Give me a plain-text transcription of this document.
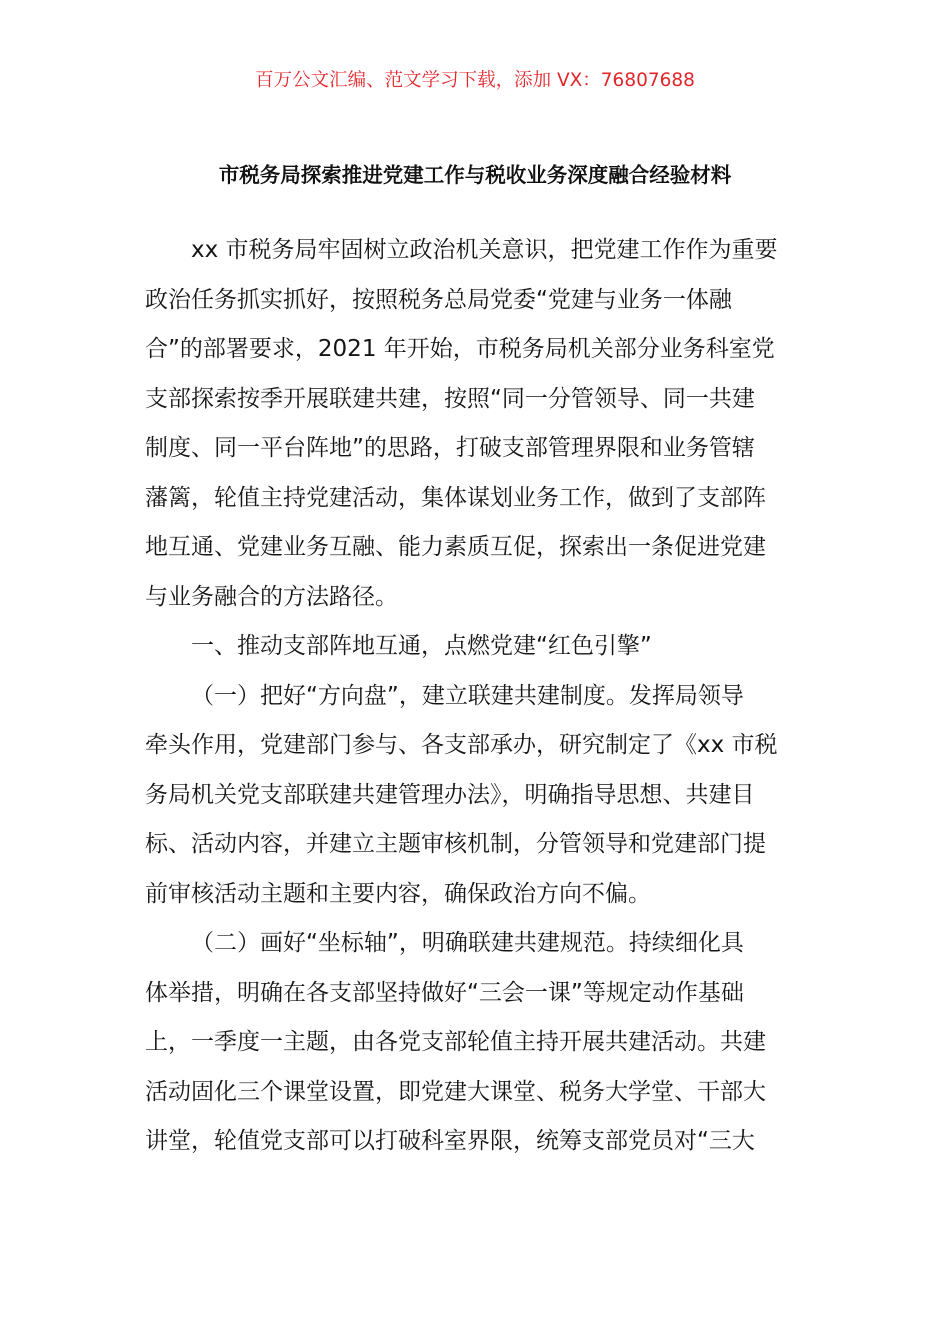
百万公文汇编、范文学习下载，添加 VX：76807688
市税务局探索推进党建工作与税收业务深度融合经验材料
xx 市税务局牢固树立政治机关意识，把党建工作作为重要
政治任务抓实抓好，按照税务总局党委“党建与业务一体融
合”的部署要求，2021 年开始，市税务局机关部分业务科室党
支部探索按季开展联建共建，按照“同一分管领导、同一共建
制度、同一平台阵地”的思路，打破支部管理界限和业务管辖
藩篱，轮值主持党建活动，集体谋划业务工作，做到了支部阵
地互通、党建业务互融、能力素质互促，探索出一条促进党建
与业务融合的方法路径。
一、推动支部阵地互通，点燃党建“红色引擎”
（一）把好“方向盘”，建立联建共建制度。发挥局领导
牵头作用，党建部门参与、各支部承办，研究制定了《xx 市税
务局机关党支部联建共建管理办法》，明确指导思想、共建目
标、活动内容，并建立主题审核机制，分管领导和党建部门提
前审核活动主题和主要内容，确保政治方向不偏。
（二）画好“坐标轴”，明确联建共建规范。持续细化具
体举措，明确在各支部坚持做好“三会一课”等规定动作基础
上，一季度一主题，由各党支部轮值主持开展共建活动。共建
活动固化三个课堂设置，即党建大课堂、税务大学堂、干部大
讲堂，轮值党支部可以打破科室界限，统筹支部党员对“三大
